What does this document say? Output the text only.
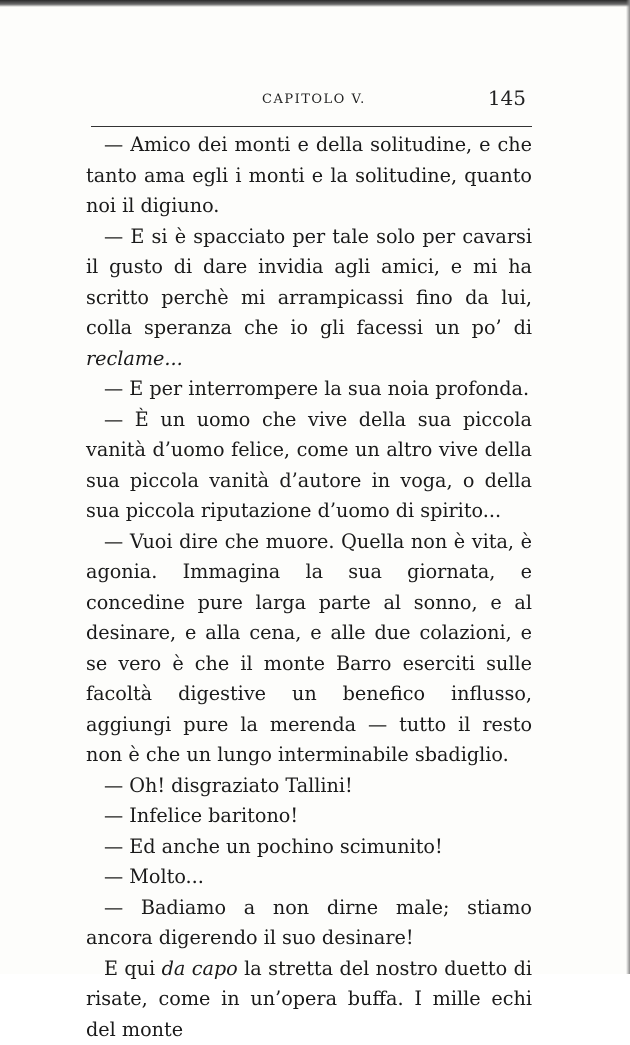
CAPITOLO V.	145

— Amico dei monti e della solitudine, e che tanto ama egli i monti e la solitudine, quanto noi il digiuno.

— E si è spacciato per tale solo per cavarsi il gusto di dare invidia agli amici, e mi ha scritto perchè mi arrampicassi fino da lui, colla speranza che io gli facessi un po’ di reclame...

— E per interrompere la sua noia profonda.

— È un uomo che vive della sua piccola vanità d’uomo felice, come un altro vive della sua piccola vanità d’autore in voga, o della sua piccola riputazione d’uomo di spirito...

— Vuoi dire che muore. Quella non è vita, è agonia. Immagina la sua giornata, e concedine pure larga parte al sonno, e al desinare, e alla cena, e alle due colazioni, e se vero è che il monte Barro eserciti sulle facoltà digestive un benefico influsso, aggiungi pure la merenda — tutto il resto non è che un lungo interminabile sbadiglio.

— Oh! disgraziato Tallini!

— Infelice baritono!

— Ed anche un pochino scimunito!

— Molto...

— Badiamo a non dirne male; stiamo ancora digerendo il suo desinare!

E qui da capo la stretta del nostro duetto di risate, come in un’opera buffa. I mille echi del monte
